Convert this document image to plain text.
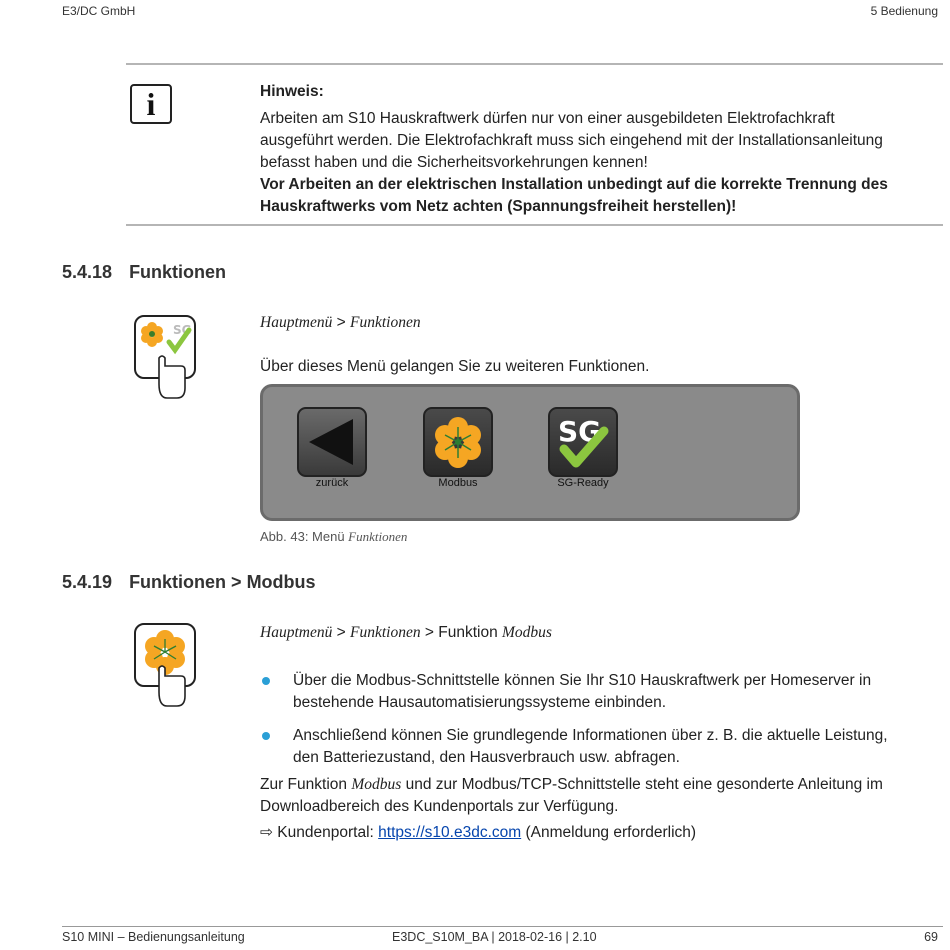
E3/DC GmbH	5 Bedienung
i	Hinweis:
Arbeiten am S10 Hauskraftwerk dürfen nur von einer ausgebildeten Elektrofachkraft
ausgeführt werden. Die Elektrofachkraft muss sich eingehend mit der Installationsanleitung
befasst haben und die Sicherheitsvorkehrungen kennen!
Vor Arbeiten an der elektrischen Installation unbedingt auf die korrekte Trennung des
Hauskraftwerks vom Netz achten (Spannungsfreiheit herstellen)!
5.4.18 Funktionen
SG	Hauptmenü > Funktionen
Über dieses Menü gelangen Sie zu weiteren Funktionen.
zurück	Modbus
SG
SG-Ready
Abb. 43: Menü Funktionen
5.4.19 Funktionen > Modbus
Hauptmenü > Funktionen > Funktion Modbus
Über die Modbus-Schnittstelle können Sie Ihr S10 Hauskraftwerk per Homeserver in
bestehende Hausautomatisierungssysteme einbinden.
Anschließend können Sie grundlegende Informationen über z. B. die aktuelle Leistung,
den Batteriezustand, den Hausverbrauch usw. abfragen.
Zur Funktion Modbus und zur Modbus/TCP-Schnittstelle steht eine gesonderte Anleitung im
Downloadbereich des Kundenportals zur Verfügung.
⇨ Kundenportal: https://s10.e3dc.com (Anmeldung erforderlich)
S10 MINI – Bedienungsanleitung	E3DC_S10M_BA | 2018-02-16 | 2.10	69
